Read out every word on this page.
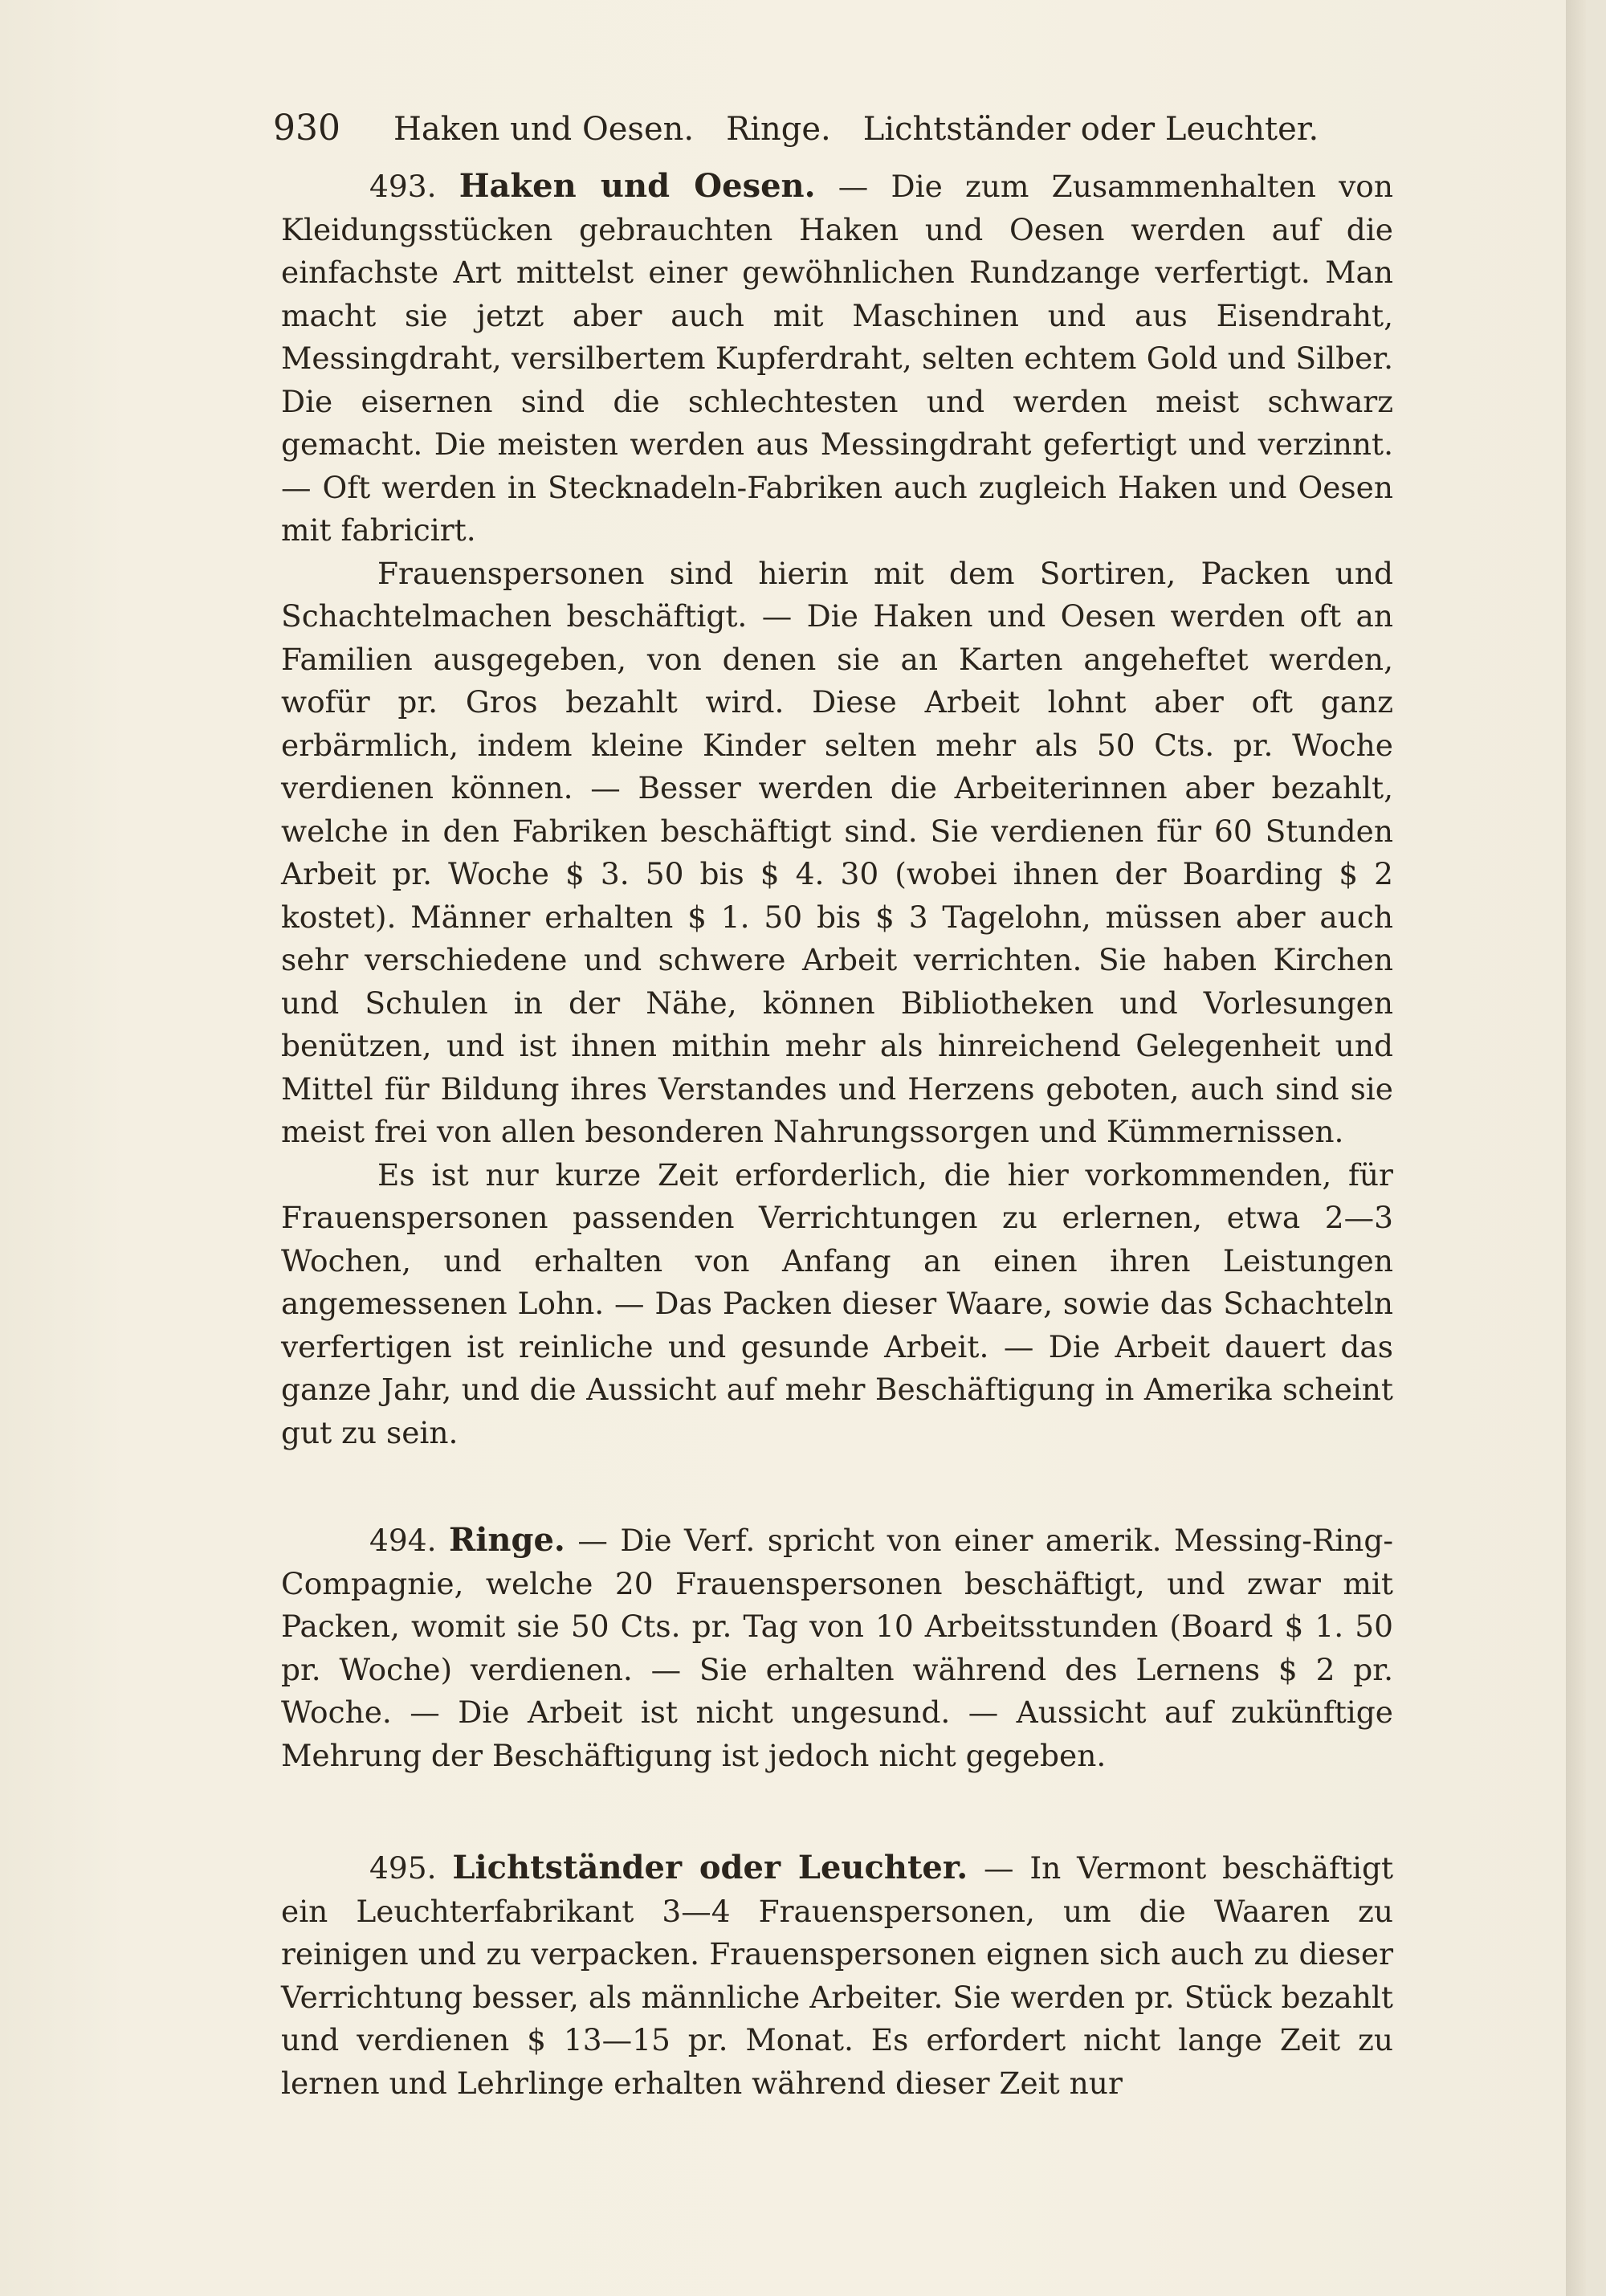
930 Haken und Oesen. Ringe. Lichtständer oder Leuchter.

493. Haken und Oesen. — Die zum Zusammenhalten von Kleidungsstücken gebrauchten Haken und Oesen werden auf die einfachste Art mittelst einer gewöhnlichen Rundzange verfertigt. Man macht sie jetzt aber auch mit Maschinen und aus Eisendraht, Messingdraht, versilbertem Kupferdraht, selten echtem Gold und Silber. Die eisernen sind die schlechtesten und werden meist schwarz gemacht. Die meisten werden aus Messingdraht gefertigt und verzinnt. — Oft werden in Stecknadeln-Fabriken auch zugleich Haken und Oesen mit fabricirt.

Frauenspersonen sind hierin mit dem Sortiren, Packen und Schachtelmachen beschäftigt. — Die Haken und Oesen werden oft an Familien ausgegeben, von denen sie an Karten angeheftet werden, wofür pr. Gros bezahlt wird. Diese Arbeit lohnt aber oft ganz erbärmlich, indem kleine Kinder selten mehr als 50 Cts. pr. Woche verdienen können. — Besser werden die Arbeiterinnen aber bezahlt, welche in den Fabriken beschäftigt sind. Sie verdienen für 60 Stunden Arbeit pr. Woche $ 3. 50 bis $ 4. 30 (wobei ihnen der Boarding $ 2 kostet). Männer erhalten $ 1. 50 bis $ 3 Tagelohn, müssen aber auch sehr verschiedene und schwere Arbeit verrichten. Sie haben Kirchen und Schulen in der Nähe, können Bibliotheken und Vorlesungen benützen, und ist ihnen mithin mehr als hinreichend Gelegenheit und Mittel für Bildung ihres Verstandes und Herzens geboten, auch sind sie meist frei von allen besonderen Nahrungssorgen und Kümmernissen.

Es ist nur kurze Zeit erforderlich, die hier vorkommenden, für Frauenspersonen passenden Verrichtungen zu erlernen, etwa 2—3 Wochen, und erhalten von Anfang an einen ihren Leistungen angemessenen Lohn. — Das Packen dieser Waare, sowie das Schachteln verfertigen ist reinliche und gesunde Arbeit. — Die Arbeit dauert das ganze Jahr, und die Aussicht auf mehr Beschäftigung in Amerika scheint gut zu sein.

494. Ringe. — Die Verf. spricht von einer amerik. Messing-Ring-Compagnie, welche 20 Frauenspersonen beschäftigt, und zwar mit Packen, womit sie 50 Cts. pr. Tag von 10 Arbeitsstunden (Board $ 1. 50 pr. Woche) verdienen. — Sie erhalten während des Lernens $ 2 pr. Woche. — Die Arbeit ist nicht ungesund. — Aussicht auf zukünftige Mehrung der Beschäftigung ist jedoch nicht gegeben.

495. Lichtständer oder Leuchter. — In Vermont beschäftigt ein Leuchterfabrikant 3—4 Frauenspersonen, um die Waaren zu reinigen und zu verpacken. Frauenspersonen eignen sich auch zu dieser Verrichtung besser, als männliche Arbeiter. Sie werden pr. Stück bezahlt und verdienen $ 13—15 pr. Monat. Es erfordert nicht lange Zeit zu lernen und Lehrlinge erhalten während dieser Zeit nur
